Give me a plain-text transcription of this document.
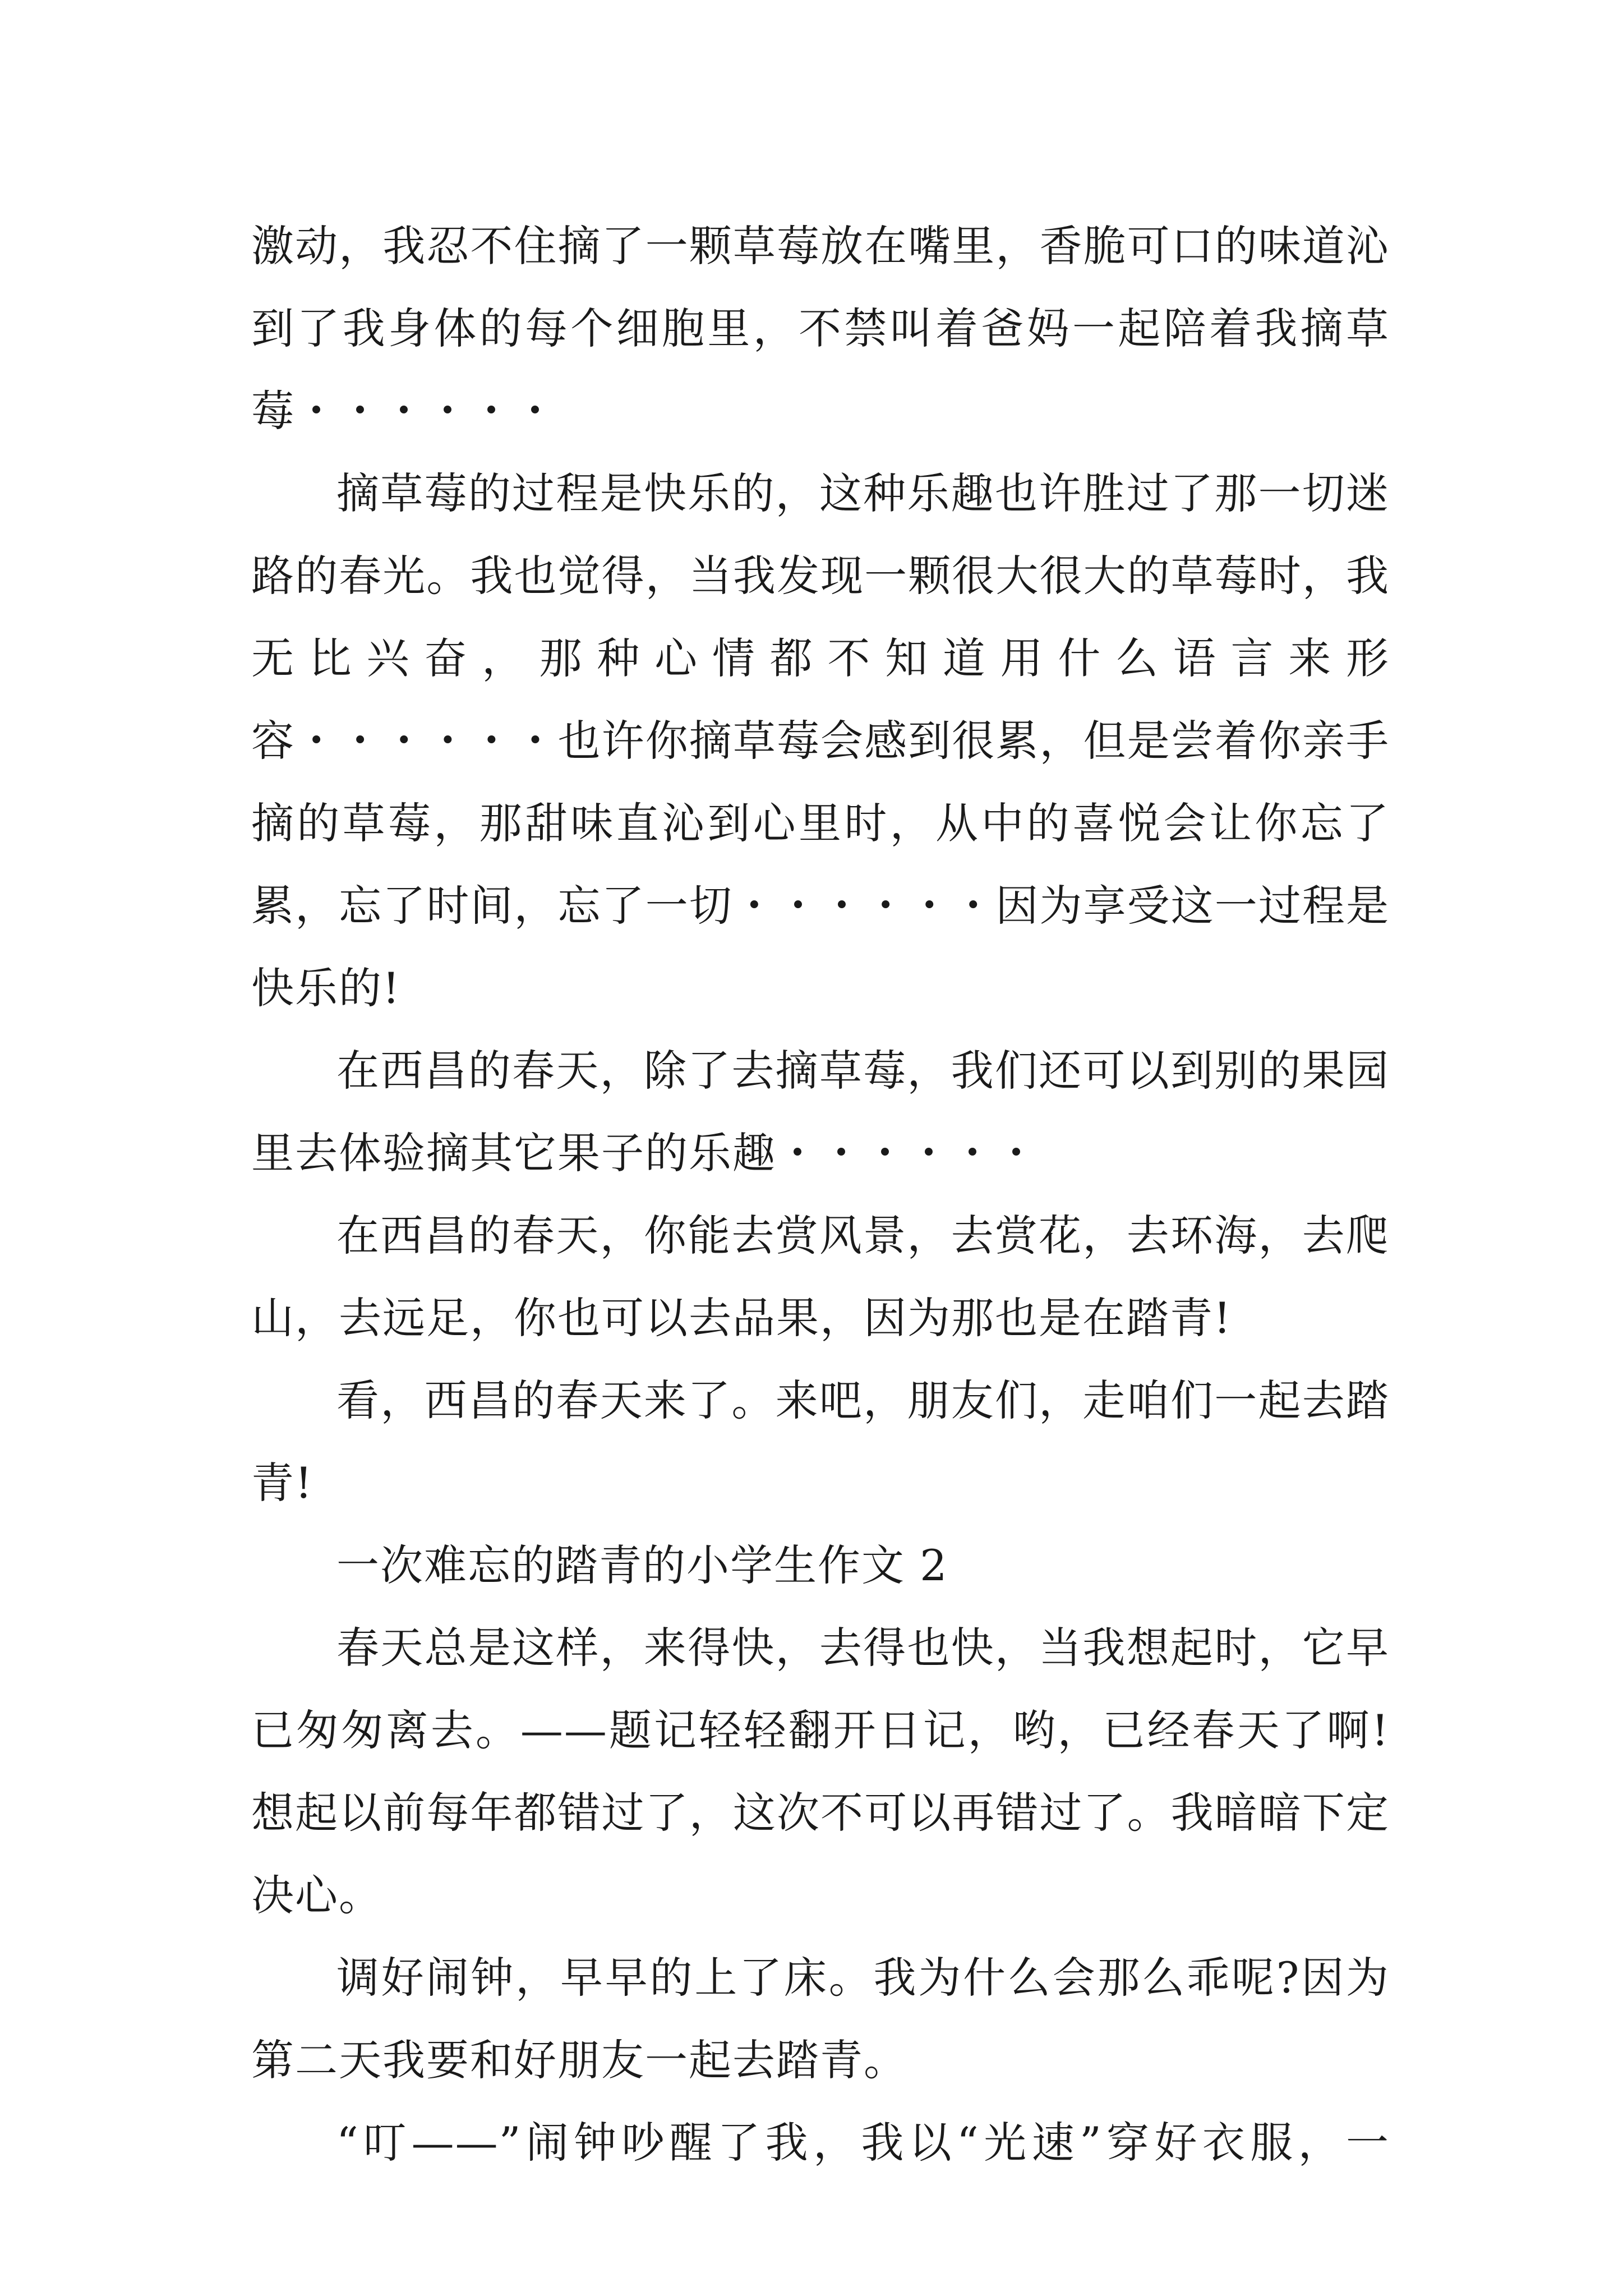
激动，我忍不住摘了一颗草莓放在嘴里，香脆可口的味道沁到了我身体的每个细胞里，不禁叫着爸妈一起陪着我摘草莓・・・・・・

摘草莓的过程是快乐的，这种乐趣也许胜过了那一切迷路的春光。我也觉得，当我发现一颗很大很大的草莓时，我无比兴奋，那种心情都不知道用什么语言来形容・・・・・・也许你摘草莓会感到很累，但是尝着你亲手摘的草莓，那甜味直沁到心里时，从中的喜悦会让你忘了累，忘了时间，忘了一切・・・・・・因为享受这一过程是快乐的!

在西昌的春天，除了去摘草莓，我们还可以到别的果园里去体验摘其它果子的乐趣・・・・・・

在西昌的春天，你能去赏风景，去赏花，去环海，去爬山，去远足，你也可以去品果，因为那也是在踏青!

看，西昌的春天来了。来吧，朋友们，走咱们一起去踏青!

一次难忘的踏青的小学生作文 2

春天总是这样，来得快，去得也快，当我想起时，它早已匆匆离去。——题记轻轻翻开日记，哟，已经春天了啊!想起以前每年都错过了，这次不可以再错过了。我暗暗下定决心。

调好闹钟，早早的上了床。我为什么会那么乖呢?因为第二天我要和好朋友一起去踏青。

“叮——”闹钟吵醒了我，我以“光速”穿好衣服，一
